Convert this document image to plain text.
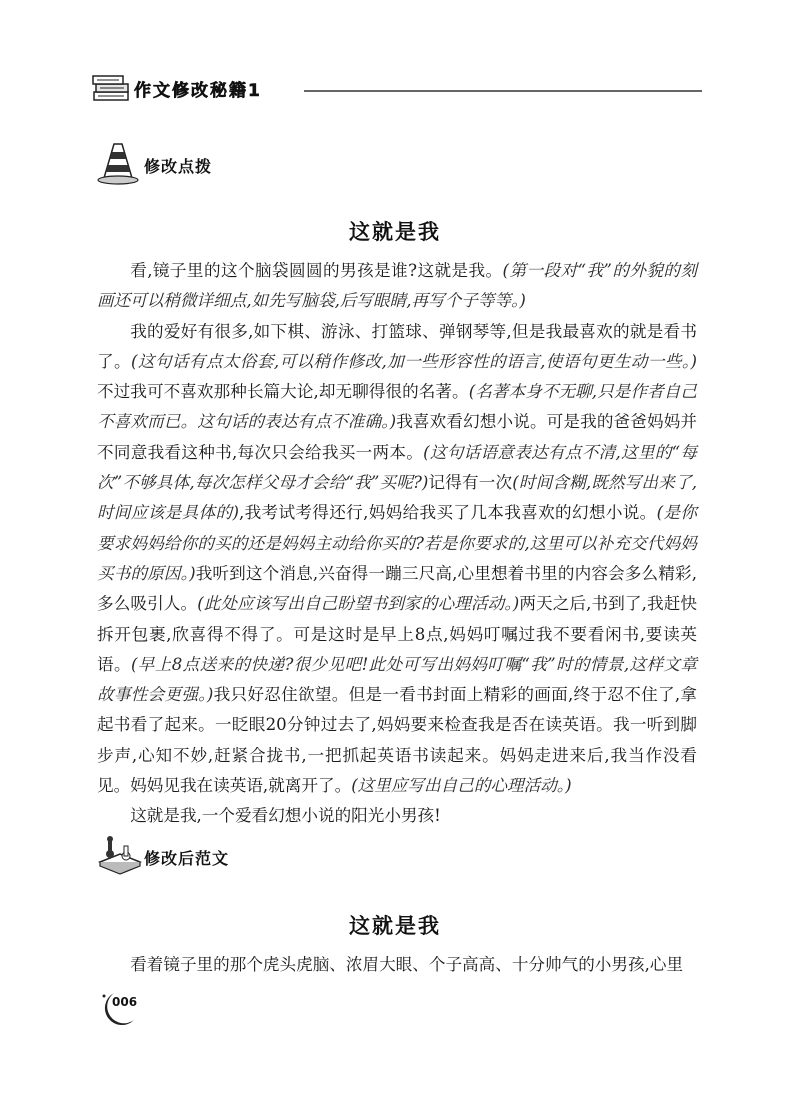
作文修改秘籍1
修改点拨
这就是我

看,镜子里的这个脑袋圆圆的男孩是谁?这就是我。(第一段对“我”的外貌的刻画还可以稍微详细点,如先写脑袋,后写眼睛,再写个子等等。)

我的爱好有很多,如下棋、游泳、打篮球、弹钢琴等,但是我最喜欢的就是看书了。(这句话有点太俗套,可以稍作修改,加一些形容性的语言,使语句更生动一些。)不过我可不喜欢那种长篇大论,却无聊得很的名著。(名著本身不无聊,只是作者自己不喜欢而已。这句话的表达有点不准确。)我喜欢看幻想小说。可是我的爸爸妈妈并不同意我看这种书,每次只会给我买一两本。(这句话语意表达有点不清,这里的“每次”不够具体,每次怎样父母才会给“我”买呢?)记得有一次(时间含糊,既然写出来了,时间应该是具体的),我考试考得还行,妈妈给我买了几本我喜欢的幻想小说。(是你要求妈妈给你的买的还是妈妈主动给你买的?若是你要求的,这里可以补充交代妈妈买书的原因。)我听到这个消息,兴奋得一蹦三尺高,心里想着书里的内容会多么精彩,多么吸引人。(此处应该写出自己盼望书到家的心理活动。)两天之后,书到了,我赶快拆开包裹,欣喜得不得了。可是这时是早上8点,妈妈叮嘱过我不要看闲书,要读英语。(早上8点送来的快递?很少见吧!此处可写出妈妈叮嘱“我”时的情景,这样文章故事性会更强。)我只好忍住欲望。但是一看书封面上精彩的画面,终于忍不住了,拿起书看了起来。一眨眼20分钟过去了,妈妈要来检查我是否在读英语。我一听到脚步声,心知不妙,赶紧合拢书,一把抓起英语书读起来。妈妈走进来后,我当作没看见。妈妈见我在读英语,就离开了。(这里应写出自己的心理活动。)

这就是我,一个爱看幻想小说的阳光小男孩!

修改后范文
这就是我

看着镜子里的那个虎头虎脑、浓眉大眼、个子高高、十分帅气的小男孩,心里

006
